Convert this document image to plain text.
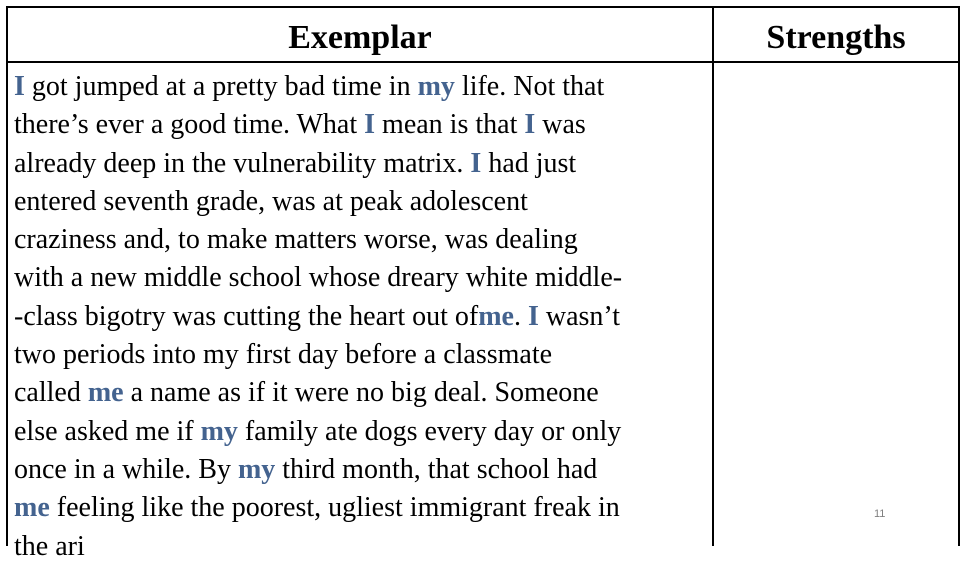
Exemplar	Strengths
I got jumped at a pretty bad time in my life. Not that
there’s ever a good time. What I mean is that I was
already deep in the vulnerability matrix. I had just
entered seventh grade, was at peak adolescent
craziness and, to make matters worse, was dealing
with a new middle school whose dreary white middle-
-class bigotry was cutting the heart out ofme. I wasn’t
two periods into my first day before a classmate
called me a name as if it were no big deal. Someone
else asked me if my family ate dogs every day or only
once in a while. By my third month, that school had
me feeling like the poorest, ugliest immigrant freak in
the ari
11
